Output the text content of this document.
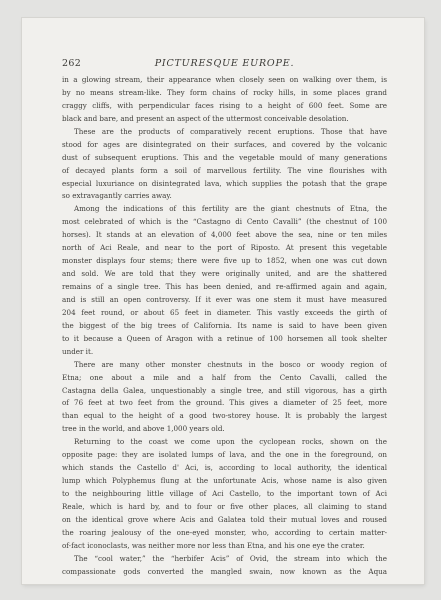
262	PICTURESQUE EUROPE.
in a glowing stream, their appearance when closely seen on walking over them, is
by no means stream-like. They form chains of rocky hills, in some places grand
craggy cliffs, with perpendicular faces rising to a height of 600 feet. Some are
black and bare, and present an aspect of the uttermost conceivable desolation.
These are the products of comparatively recent eruptions. Those that have
stood for ages are disintegrated on their surfaces, and covered by the volcanic
dust of subsequent eruptions. This and the vegetable mould of many generations
of decayed plants form a soil of marvellous fertility. The vine flourishes with
especial luxuriance on disintegrated lava, which supplies the potash that the grape
so extravagantly carries away.
Among the indications of this fertility are the giant chestnuts of Etna, the
most celebrated of which is the “Castagno di Cento Cavalli” (the chestnut of 100
horses). It stands at an elevation of 4,000 feet above the sea, nine or ten miles
north of Aci Reale, and near to the port of Riposto. At present this vegetable
monster displays four stems; there were five up to 1852, when one was cut down
and sold. We are told that they were originally united, and are the shattered
remains of a single tree. This has been denied, and re-affirmed again and again,
and is still an open controversy. If it ever was one stem it must have measured
204 feet round, or about 65 feet in diameter. This vastly exceeds the girth of
the biggest of the big trees of California. Its name is said to have been given
to it because a Queen of Aragon with a retinue of 100 horsemen all took shelter
under it.
There are many other monster chestnuts in the bosco or woody region of
Etna; one about a mile and a half from the Cento Cavalli, called the
Castagna della Galea, unquestionably a single tree, and still vigorous, has a girth
of 76 feet at two feet from the ground. This gives a diameter of 25 feet, more
than equal to the height of a good two-storey house. It is probably the largest
tree in the world, and above 1,000 years old.
Returning to the coast we come upon the cyclopean rocks, shown on the
opposite page: they are isolated lumps of lava, and the one in the foreground, on
which stands the Castello d' Aci, is, according to local authority, the identical
lump which Polyphemus flung at the unfortunate Acis, whose name is also given
to the neighbouring little village of Aci Castello, to the important town of Aci
Reale, which is hard by, and to four or five other places, all claiming to stand
on the identical grove where Acis and Galatea told their mutual loves and roused
the roaring jealousy of the one-eyed monster, who, according to certain matter-
of-fact iconoclasts, was neither more nor less than Etna, and his one eye the crater.
The “cool water,” the “herbifer Acis” of Ovid, the stream into which the
compassionate gods converted the mangled swain, now known as the Aqua
